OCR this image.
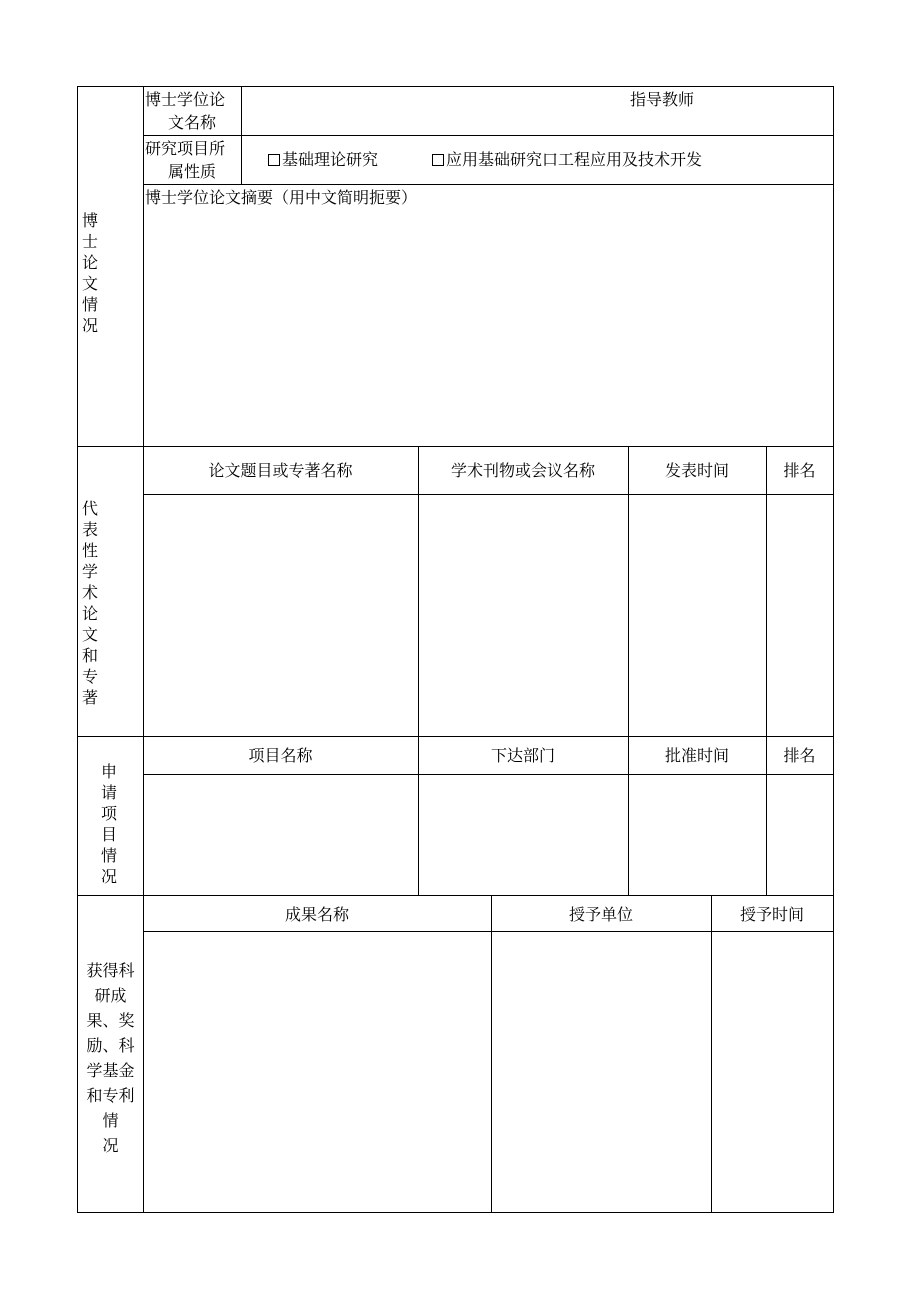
博
士
论
文
情
况
博士学位论
文名称
指导教师
研究项目所
属性质
基础理论研究	应用基础研究口工程应用及技术开发
博士学位论文摘要（用中文简明扼要）
代
表
性
学
术
论
文
和
专
著
论文题目或专著名称	学术刊物或会议名称	发表时间	排名
申
请
项
目
情
况
项目名称	下达部门	批准时间	排名
获得科
研成
果、奖
励、科
学基金
和专利
情
况
成果名称	授予单位	授予时间
